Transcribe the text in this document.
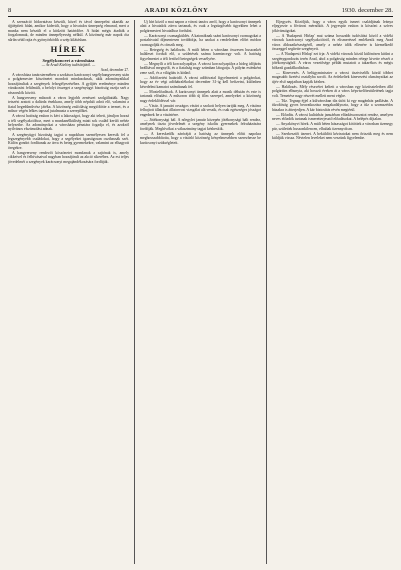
8	ARADI KÖZLÖNY	1930. december 28.

A szenzáció hídavatásra készült, közel és távol ünnepelni akarták az újjáépített hídat, amikor kiderült, hogy a hivatalos ünnepség elmarad, mert a munka nem készült el a kitűzött határidőre. A hidat mégis átadták a forgalomnak, de minden ünnepélyesség nélkül. A közönség már napok óta sűrűn sétál rajta és gyönyörködik a szép kilátásban.

HÍREK
Segélykoncert a városháza
— Az Aradi Közlöny tudósítójától. —
Arad, december 27.

A városháza tanácstermében a szokásos karácsonyi segélyhangverseny után a polgármester köszönetet mondott mindazoknak, akik adományaikkal hozzájárultak a szegények felsegélyezéséhez. A gyűjtés eredménye minden várakozást felülmúlt, a befolyt összeget a szegényügyi bizottság osztja szét a rászorulók között.

A hangverseny műsorát a város legjobb zenészei szolgáltatták. Nagy tetszést aratott a dalárda énekkara, amely több népdalt adott elő, valamint a fiatal hegedűművész játéka. A közönség zsúfolásig megtöltötte a termet, és a műsor végén lelkes tapssal jutalmazta a szereplőket.

A városi hatóság ezúton is kéri a lakosságot, hogy aki teheti, járuljon hozzá a téli segélyakcióhoz, mert a munkanélküliség miatt sok család került nehéz helyzetbe. Az adományokat a városháza pénztára fogadja el, és azokról nyilvános elszámolást adnak.

A szegényügyi bizottság tagjai a napokban személyesen keresik fel a legszegényebb családokat, hogy a segélyeket igazságosan oszthassák szét. Külön gondot fordítanak az árva és beteg gyermekekre, valamint az elhagyott öregekre.

A hangverseny rendezői köszönetet mondanak a sajtónak is, amely cikkeivel és felhívásaival nagyban hozzájárult az akció sikeréhez. Az est teljes jövedelmét a szegények karácsonyi megajándékozására fordítják.

Új hírt közöl a mai napon a városi tanács arról, hogy a karácsonyi ünnepek alatt a hivatalok zárva tartanak, és csak a legsürgősebb ügyekben lehet a polgármesteri hivatalhoz fordulni.

— Karácsonyi csomagküldés. A katonáknak szánt karácsonyi csomagokat a postahivatal díjmentesen továbbítja, ha azokat a rendeletben előírt módon csomagolják és címzik meg.

— Betegség és halálozás. A múlt héten a városban összesen huszonkét haláleset fordult elő, a születések száma harmincegy volt. A hatóság figyelmeztet a téli fertőző betegségek veszélyére.

— Megnyílt a téli korcsolyapálya. A városi korcsolyapálya a hideg időjárás beálltával megnyílt, és a fiatalság nagy számban látogatja. A pályán esténként zene szól, és a világítás is kitűnő.

— Adófizetési határidő. A városi adóhivatal figyelmezteti a polgárokat, hogy az év végi adóhátralékokat december 31-ig kell befizetni, különben késedelmi kamatot számítanak fel.

— Mozielőadások. A karácsonyi ünnepek alatt a mozik délután és este is tartanak előadást. A műsoron több új film szerepel, amelyeket a közönség nagy érdeklődéssel vár.

— Vásár. A januári országos vásárt a szokott helyen tartják meg. A vásárra felhajtott állatokat állatorvosi vizsgálat alá veszik, és csak egészséges jószágot engednek be a vásártérre.

— Jótékonysági bál. A nőegylet január közepén jótékonysági bált rendez, amelynek tiszta jövedelmét a szegény iskolás gyermekek felruházására fordítják. Meghívókat a választmány tagjai kézbesítik.

— A kereskedők záróráját a hatóság az ünnepek előtti napokra meghosszabbította, hogy a vásárló közönség kényelmesebben szerezhesse be karácsonyi szükségleteit.

Eljegyzés. Közöljük, hogy a város egyik ismert családjának leánya eljegyezte a fővárosi mérnököt. A jegyespár ezúton is köszöni a szíves jókívánságokat.

— A 'Budapesti Hírlap' mai száma hosszabb tudósítást közöl a vidéki városok karácsonyi segélyakcióiról, és elismeréssel emlékezik meg Arad város áldozatkészségéről, amely a nehéz idők ellenére is kiemelkedő összeggel segítette szegényeit.

— A 'Budapesti Hírlap' ezt írja: A vidéki városok közül különösen kitűnt a szegénygondozás terén Arad, ahol a polgárság minden rétege kivette részét a jótékonyságból. A város vezetősége példát mutatott a takarékos és mégis bőkezű gazdálkodásban.

— Kinevezés. A belügyminiszter a városi tisztviselők közül többet magasabb fizetési osztályba sorolt. Az érdekeltek kinevezési okmányaikat az újév első napjaiban kapják kézhez.

— Halálozás. Mély részvétet keltett a városban egy köztiszteletben álló polgártárs elhunyta, aki hosszú éveken át a város képviselőtestületének tagja volt. Temetése nagy részvét mellett ment végbe.

— Tűz. Tegnap éjjel a külvárosban tűz ütött ki egy magánház padlásán. A tűzoltóság gyors beavatkozása megakadályozta, hogy a tűz a szomszédos házakra is átterjedjen. A kár biztosítás révén megtérül.

— Előadás. A városi kultúrház januárban előadássorozatot rendez, amelyen neves előadók tartanak ismeretterjesztő előadásokat. A belépés díjtalan.

— Anyakönyvi hírek. A múlt héten házasságot kötöttek a városban tizenegy pár, születtek huszonkilencen, elhaltak tizennyolcan.

— Szerkesztői üzenet. A beküldött kéziratokat nem őrizzük meg és nem küldjük vissza. Névtelen leveleket nem veszünk figyelembe.
